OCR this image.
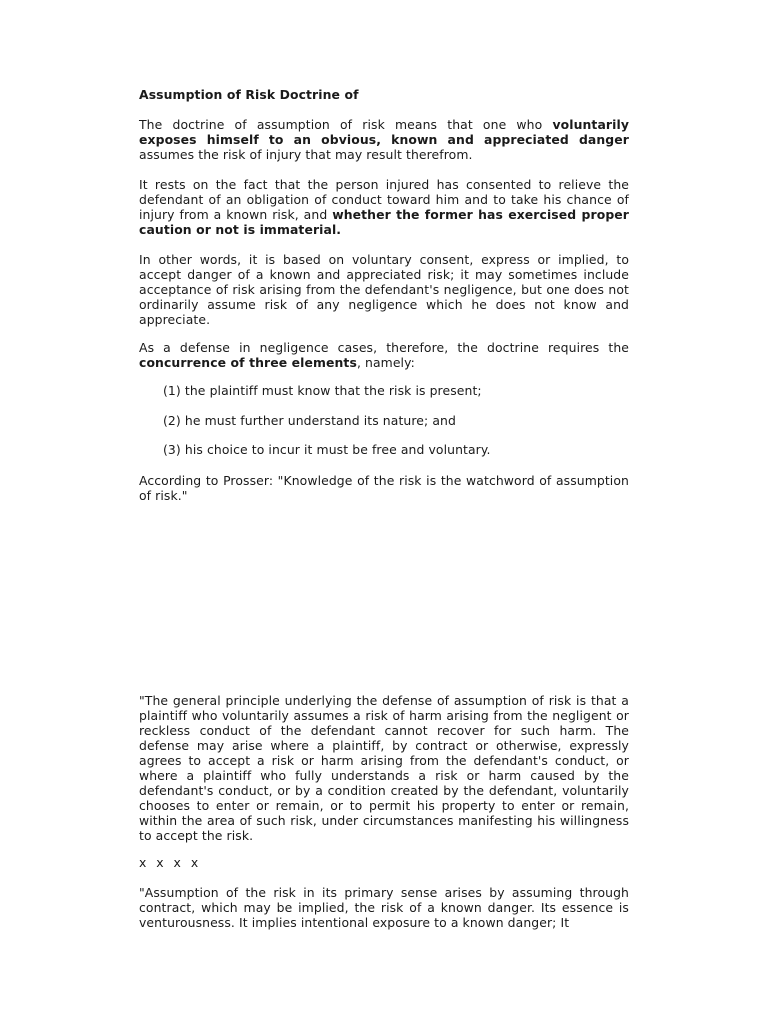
Assumption of Risk Doctrine of

The doctrine of assumption of risk means that one who voluntarily exposes himself to an obvious, known and appreciated danger assumes the risk of injury that may result therefrom.

It rests on the fact that the person injured has consented to relieve the defendant of an obligation of conduct toward him and to take his chance of injury from a known risk, and whether the former has exercised proper caution or not is immaterial.

In other words, it is based on voluntary consent, express or implied, to accept danger of a known and appreciated risk; it may sometimes include acceptance of risk arising from the defendant's negligence, but one does not ordinarily assume risk of any negligence which he does not know and appreciate.

As a defense in negligence cases, therefore, the doctrine requires the concurrence of three elements, namely:

(1) the plaintiff must know that the risk is present;

(2) he must further understand its nature; and

(3) his choice to incur it must be free and voluntary.

According to Prosser: "Knowledge of the risk is the watchword of assumption of risk."

"The general principle underlying the defense of assumption of risk is that a plaintiff who voluntarily assumes a risk of harm arising from the negligent or reckless conduct of the defendant cannot recover for such harm. The defense may arise where a plaintiff, by contract or otherwise, expressly agrees to accept a risk or harm arising from the defendant's conduct, or where a plaintiff who fully understands a risk or harm caused by the defendant's conduct, or by a condition created by the defendant, voluntarily chooses to enter or remain, or to permit his property to enter or remain, within the area of such risk, under circumstances manifesting his willingness to accept the risk.

x x x x

"Assumption of the risk in its primary sense arises by assuming through contract, which may be implied, the risk of a known danger. Its essence is venturousness. It implies intentional exposure to a known danger; It
